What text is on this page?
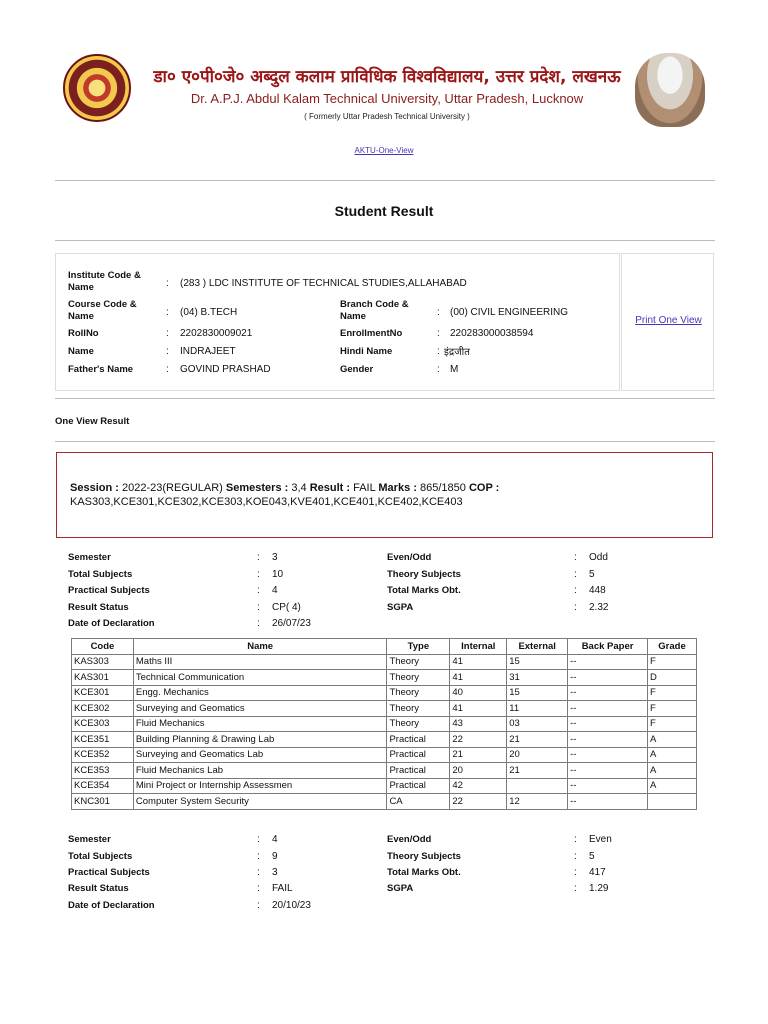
डा० ए०पी०जे० अब्दुल कलाम प्राविधिक विश्वविद्यालय, उत्तर प्रदेश, लखनऊ
Dr. A.P.J. Abdul Kalam Technical University, Uttar Pradesh, Lucknow
( Formerly Uttar Pradesh Technical University )
AKTU-One-View
Student Result
Institute Code & Name	: (283 ) LDC INSTITUTE OF TECHNICAL STUDIES,ALLAHABAD
Course Code & Name	: (04) B.TECH
Branch Code & Name	: (00) CIVIL ENGINEERING
RollNo	: 2202830009021	EnrollmentNo	: 220283000038594
Name	: INDRAJEET	Hindi Name	: इंद्रजीत
Father's Name	: GOVIND PRASHAD	Gender	: M
Print One View
One View Result
Session : 2022-23(REGULAR) Semesters : 3,4 Result : FAIL Marks : 865/1850 COP :
KAS303,KCE301,KCE302,KCE303,KOE043,KVE401,KCE401,KCE402,KCE403
Semester	: 3	Even/Odd	: Odd
Total Subjects	: 10	Theory Subjects	: 5
Practical Subjects	: 4	Total Marks Obt.	: 448
Result Status	: CP( 4)	SGPA	: 2.32
Date of Declaration	: 26/07/23
Code	Name	Type	Internal	External	Back Paper	Grade
KAS303	Maths III	Theory	41	15	--	F
KAS301	Technical Communication	Theory	41	31	--	D
KCE301	Engg. Mechanics	Theory	40	15	--	F
KCE302	Surveying and Geomatics	Theory	41	11	--	F
KCE303	Fluid Mechanics	Theory	43	03	--	F
KCE351	Building Planning & Drawing Lab	Practical	22	21	--	A
KCE352	Surveying and Geomatics Lab	Practical	21	20	--	A
KCE353	Fluid Mechanics Lab	Practical	20	21	--	A
KCE354	Mini Project or Internship Assessmen	Practical	42		--	A
KNC301	Computer System Security	CA	22	12	--	
Semester	: 4	Even/Odd	: Even
Total Subjects	: 9	Theory Subjects	: 5
Practical Subjects	: 3	Total Marks Obt.	: 417
Result Status	: FAIL	SGPA	: 1.29
Date of Declaration	: 20/10/23
